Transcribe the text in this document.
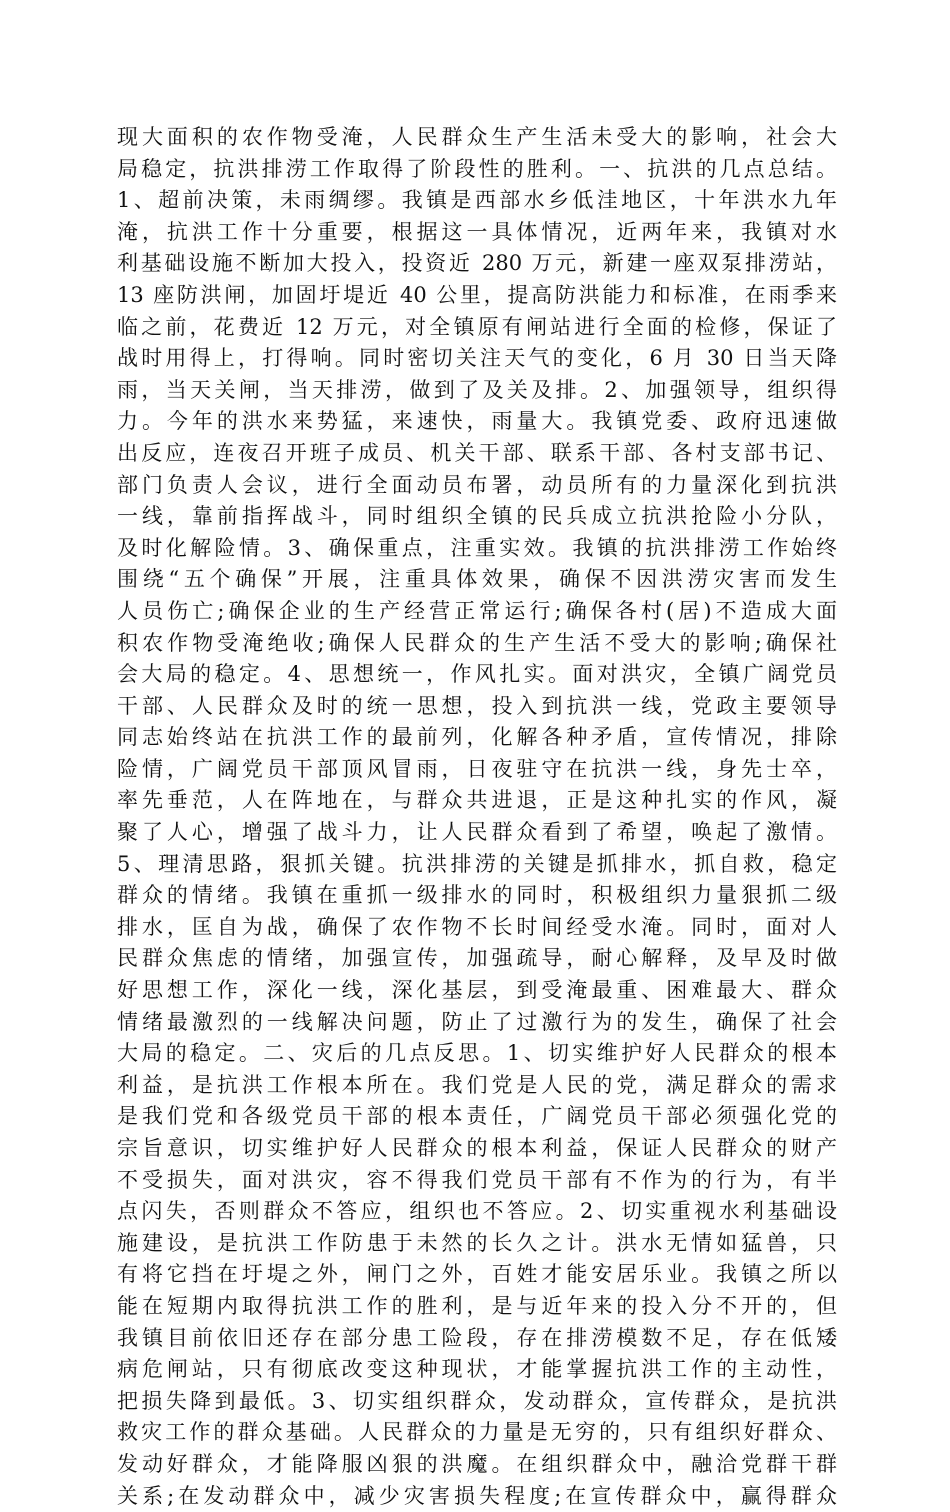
现大面积的农作物受淹，人民群众生产生活未受大的影响，社会大
局稳定，抗洪排涝工作取得了阶段性的胜利。一、抗洪的几点总结。
1、超前决策，未雨绸缪。我镇是西部水乡低洼地区，十年洪水九年
淹，抗洪工作十分重要，根据这一具体情况，近两年来，我镇对水
利基础设施不断加大投入，投资近 280 万元，新建一座双泵排涝站，
13 座防洪闸，加固圩堤近 40 公里，提高防洪能力和标准，在雨季来
临之前，花费近 12 万元，对全镇原有闸站进行全面的检修，保证了
战时用得上，打得响。同时密切关注天气的变化，6 月 30 日当天降
雨，当天关闸，当天排涝，做到了及关及排。2、加强领导，组织得
力。今年的洪水来势猛，来速快，雨量大。我镇党委、政府迅速做
出反应，连夜召开班子成员、机关干部、联系干部、各村支部书记、
部门负责人会议，进行全面动员布署，动员所有的力量深化到抗洪
一线，靠前指挥战斗，同时组织全镇的民兵成立抗洪抢险小分队，
及时化解险情。3、确保重点，注重实效。我镇的抗洪排涝工作始终
围绕“五个确保”开展，注重具体效果，确保不因洪涝灾害而发生
人员伤亡;确保企业的生产经营正常运行;确保各村(居)不造成大面
积农作物受淹绝收;确保人民群众的生产生活不受大的影响;确保社
会大局的稳定。4、思想统一，作风扎实。面对洪灾，全镇广阔党员
干部、人民群众及时的统一思想，投入到抗洪一线，党政主要领导
同志始终站在抗洪工作的最前列，化解各种矛盾，宣传情况，排除
险情，广阔党员干部顶风冒雨，日夜驻守在抗洪一线，身先士卒，
率先垂范，人在阵地在，与群众共进退，正是这种扎实的作风，凝
聚了人心，增强了战斗力，让人民群众看到了希望，唤起了激情。
5、理清思路，狠抓关键。抗洪排涝的关键是抓排水，抓自救，稳定
群众的情绪。我镇在重抓一级排水的同时，积极组织力量狠抓二级
排水，匡自为战，确保了农作物不长时间经受水淹。同时，面对人
民群众焦虑的情绪，加强宣传，加强疏导，耐心解释，及早及时做
好思想工作，深化一线，深化基层，到受淹最重、困难最大、群众
情绪最激烈的一线解决问题，防止了过激行为的发生，确保了社会
大局的稳定。二、灾后的几点反思。1、切实维护好人民群众的根本
利益，是抗洪工作根本所在。我们党是人民的党，满足群众的需求
是我们党和各级党员干部的根本责任，广阔党员干部必须强化党的
宗旨意识，切实维护好人民群众的根本利益，保证人民群众的财产
不受损失，面对洪灾，容不得我们党员干部有不作为的行为，有半
点闪失，否则群众不答应，组织也不答应。2、切实重视水利基础设
施建设，是抗洪工作防患于未然的长久之计。洪水无情如猛兽，只
有将它挡在圩堤之外，闸门之外，百姓才能安居乐业。我镇之所以
能在短期内取得抗洪工作的胜利，是与近年来的投入分不开的，但
我镇目前依旧还存在部分患工险段，存在排涝模数不足，存在低矮
病危闸站，只有彻底改变这种现状，才能掌握抗洪工作的主动性，
把损失降到最低。3、切实组织群众，发动群众，宣传群众，是抗洪
救灾工作的群众基础。人民群众的力量是无穷的，只有组织好群众、
发动好群众，才能降服凶狠的洪魔。在组织群众中，融洽党群干群
关系;在发动群众中，减少灾害损失程度;在宣传群众中，赢得群众
